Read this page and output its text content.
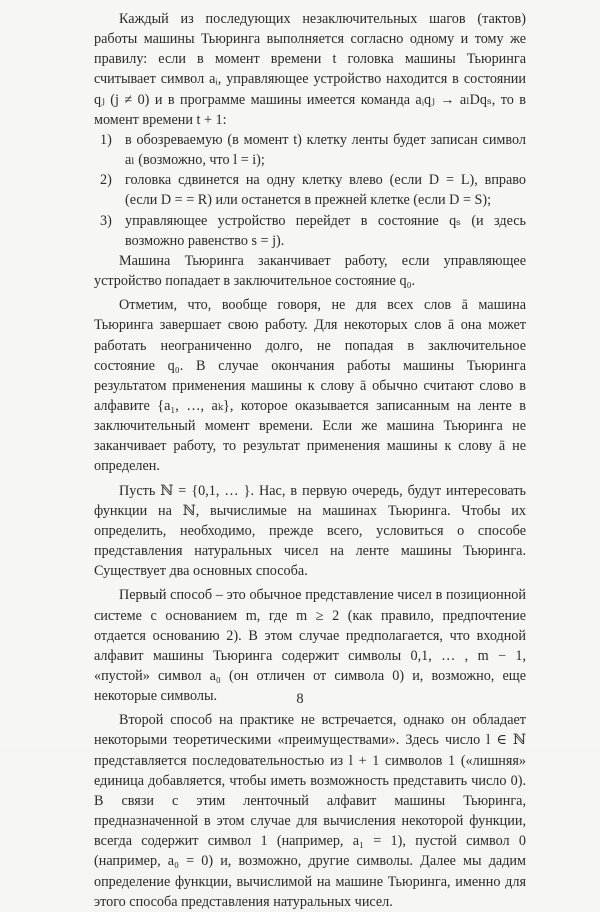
Каждый из последующих незаключительных шагов (тактов) работы машины Тьюринга выполняется согласно одному и тому же правилу: если в момент времени t головка машины Тьюринга считывает символ aᵢ, управляющее устройство находится в состоянии qⱼ (j ≠ 0) и в программе машины имеется команда aᵢqⱼ → aₗDqₛ, то в момент времени t + 1:

1) в обозреваемую (в момент t) клетку ленты будет записан символ aₗ (возможно, что l = i);
2) головка сдвинется на одну клетку влево (если D = L), вправо (если D = = R) или останется в прежней клетке (если D = S);
3) управляющее устройство перейдет в состояние qₛ (и здесь возможно равенство s = j).

Машина Тьюринга заканчивает работу, если управляющее устройство попадает в заключительное состояние q₀.

Отметим, что, вообще говоря, не для всех слов ā машина Тьюринга завершает свою работу. Для некоторых слов ā она может работать неограниченно долго, не попадая в заключительное состояние q₀. В случае окончания работы машины Тьюринга результатом применения машины к слову ā обычно считают слово в алфавите {a₁, …, aₖ}, которое оказывается записанным на ленте в заключительный момент времени. Если же машина Тьюринга не заканчивает работу, то результат применения машины к слову ā не определен.

Пусть ℕ = {0,1, … }. Нас, в первую очередь, будут интересовать функции на ℕ, вычислимые на машинах Тьюринга. Чтобы их определить, необходимо, прежде всего, условиться о способе представления натуральных чисел на ленте машины Тьюринга. Существует два основных способа.

Первый способ – это обычное представление чисел в позиционной системе с основанием m, где m ≥ 2 (как правило, предпочтение отдается основанию 2). В этом случае предполагается, что входной алфавит машины Тьюринга содержит символы 0,1, … , m − 1, «пустой» символ a₀ (он отличен от символа 0) и, возможно, еще некоторые символы.

Второй способ на практике не встречается, однако он обладает некоторыми теоретическими «преимуществами». Здесь число l ∈ ℕ представляется последовательностью из l + 1 символов 1 («лишняя» единица добавляется, чтобы иметь возможность представить число 0). В связи с этим ленточный алфавит машины Тьюринга, предназначенной в этом случае для вычисления некоторой функции, всегда содержит символ 1 (например, a₁ = 1), пустой символ 0 (например, a₀ = 0) и, возможно, другие символы. Далее мы дадим определение функции, вычислимой на машине Тьюринга, именно для этого способа представления натуральных чисел.

8
